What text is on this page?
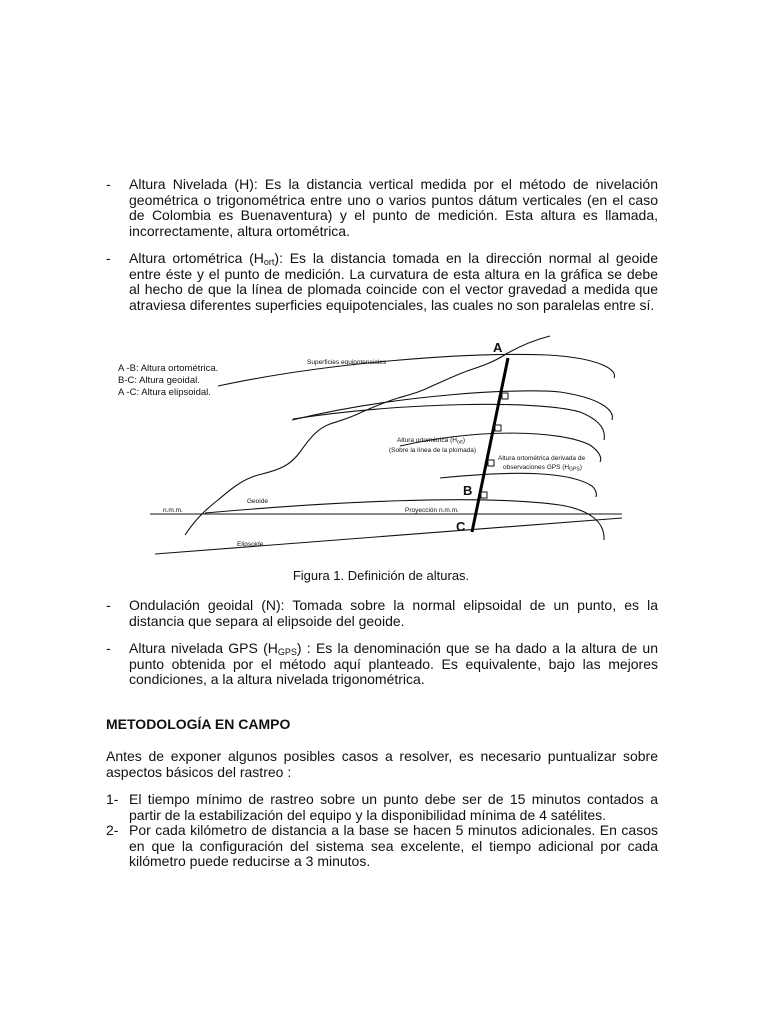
- Altura Nivelada (H): Es la distancia vertical medida por el método de nivelación geométrica o trigonométrica entre uno o varios puntos dátum verticales (en el caso de Colombia es Buenaventura) y el punto de medición. Esta altura es llamada, incorrectamente, altura ortométrica.
- Altura ortométrica $(H_{ort})$: Es la distancia tomada en la dirección normal al geoide entre éste y el punto de medición. La curvatura de esta altura en la gráfica se debe al hecho de que la línea de plomada coincide con el vector gravedad a medida que atraviesa diferentes superficies equipotenciales, las cuales no son paralelas entre sí.
A -B: Altura ortométrica.
B-C: Altura geoidal.
A -C: Altura elipsoidal.
Superficies equipotenciales
Altura ortométrica $(H_{ort})$
(Sobre la línea de la plomada)
Altura ortométrica derivada de
observaciones GPS $(H_{GPS})$
Geoide
n.m.m.	Proyección n.m.m.
Elipsoide
A
B
C
Figura 1. Definición de alturas.
- Ondulación geoidal (N): Tomada sobre la normal elipsoidal de un punto, es la distancia que separa al elipsoide del geoide.
- Altura nivelada GPS $(H_{GPS})$ : Es la denominación que se ha dado a la altura de un punto obtenida por el método aquí planteado. Es equivalente, bajo las mejores condiciones, a la altura nivelada trigonométrica.
METODOLOGÍA EN CAMPO
Antes de exponer algunos posibles casos a resolver, es necesario puntualizar sobre aspectos básicos del rastreo :
1- El tiempo mínimo de rastreo sobre un punto debe ser de 15 minutos contados a partir de la estabilización del equipo y la disponibilidad mínima de 4 satélites.
2- Por cada kilómetro de distancia a la base se hacen 5 minutos adicionales. En casos en que la configuración del sistema sea excelente, el tiempo adicional por cada kilómetro puede reducirse a 3 minutos.
